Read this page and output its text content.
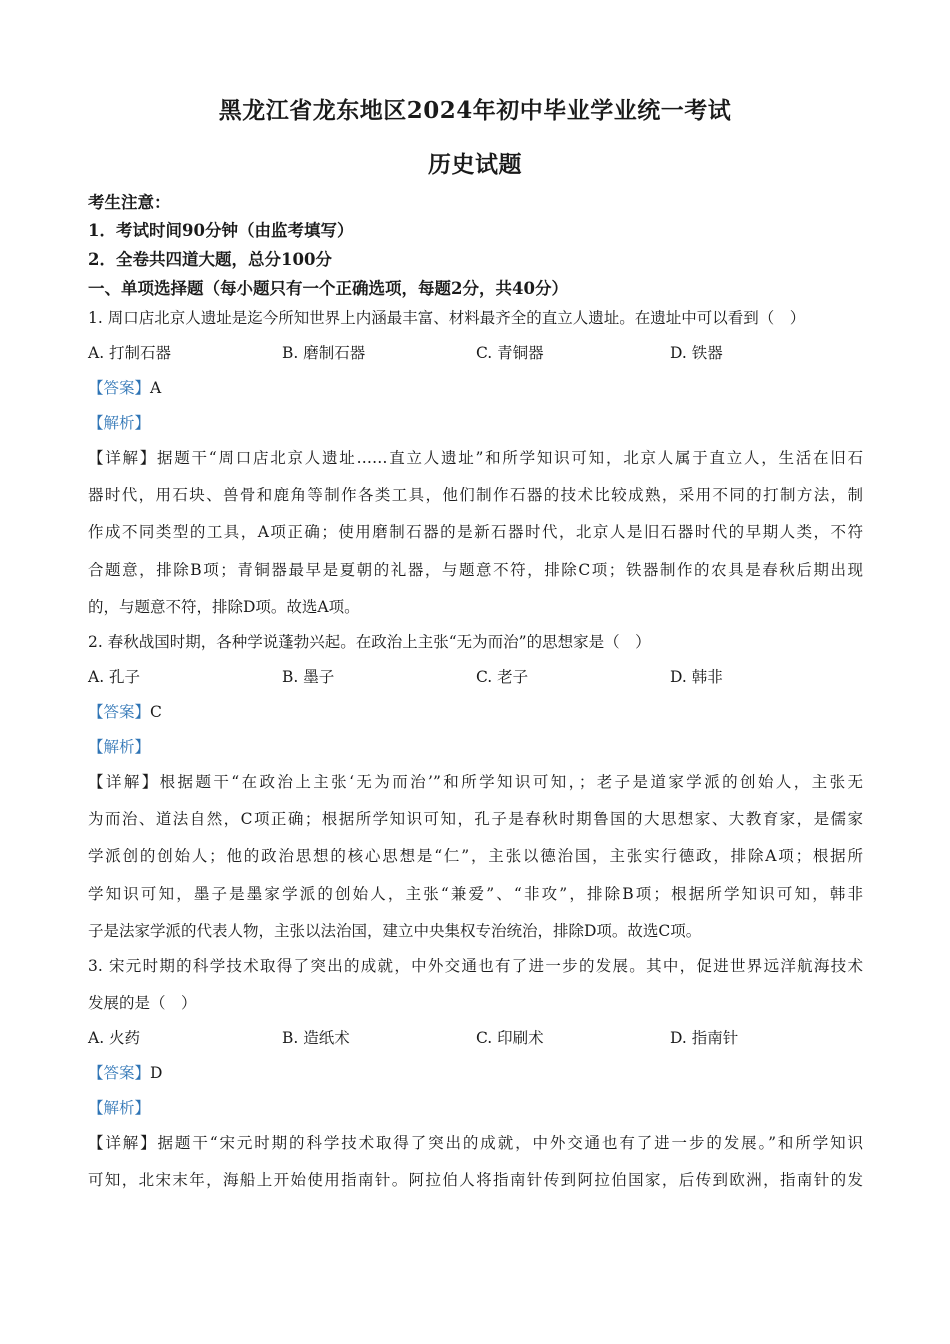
黑龙江省龙东地区2024年初中毕业学业统一考试
历史试题
考生注意：
1．考试时间90分钟（由监考填写）
2．全卷共四道大题，总分100分
一、单项选择题（每小题只有一个正确选项，每题2分，共40分）
1. 周口店北京人遗址是迄今所知世界上内涵最丰富、材料最齐全的直立人遗址。在遗址中可以看到（　）
A. 打制石器	B. 磨制石器	C. 青铜器	D. 铁器
【答案】A
【解析】
【详解】据题干“周口店北京人遗址……直立人遗址”和所学知识可知，北京人属于直立人，生活在旧石
器时代，用石块、兽骨和鹿角等制作各类工具，他们制作石器的技术比较成熟，采用不同的打制方法，制
作成不同类型的工具，A项正确；使用磨制石器的是新石器时代，北京人是旧石器时代的早期人类，不符
合题意，排除B项；青铜器最早是夏朝的礼器，与题意不符，排除C项；铁器制作的农具是春秋后期出现
的，与题意不符，排除D项。故选A项。
2. 春秋战国时期，各种学说蓬勃兴起。在政治上主张“无为而治”的思想家是（　）
A. 孔子	B. 墨子	C. 老子	D. 韩非
【答案】C
【解析】
【详解】根据题干“在政治上主张‘无为而治’”和所学知识可知，；老子是道家学派的创始人，主张无
为而治、道法自然，C项正确；根据所学知识可知，孔子是春秋时期鲁国的大思想家、大教育家，是儒家
学派创的创始人；他的政治思想的核心思想是“仁”，主张以德治国，主张实行德政，排除A项；根据所
学知识可知，墨子是墨家学派的创始人，主张“兼爱”、“非攻”，排除B项；根据所学知识可知，韩非
子是法家学派的代表人物，主张以法治国，建立中央集权专治统治，排除D项。故选C项。
3. 宋元时期的科学技术取得了突出的成就，中外交通也有了进一步的发展。其中，促进世界远洋航海技术
发展的是（　）
A. 火药	B. 造纸术	C. 印刷术	D. 指南针
【答案】D
【解析】
【详解】据题干“宋元时期的科学技术取得了突出的成就，中外交通也有了进一步的发展。”和所学知识
可知，北宋末年，海船上开始使用指南针。阿拉伯人将指南针传到阿拉伯国家，后传到欧洲，指南针的发
